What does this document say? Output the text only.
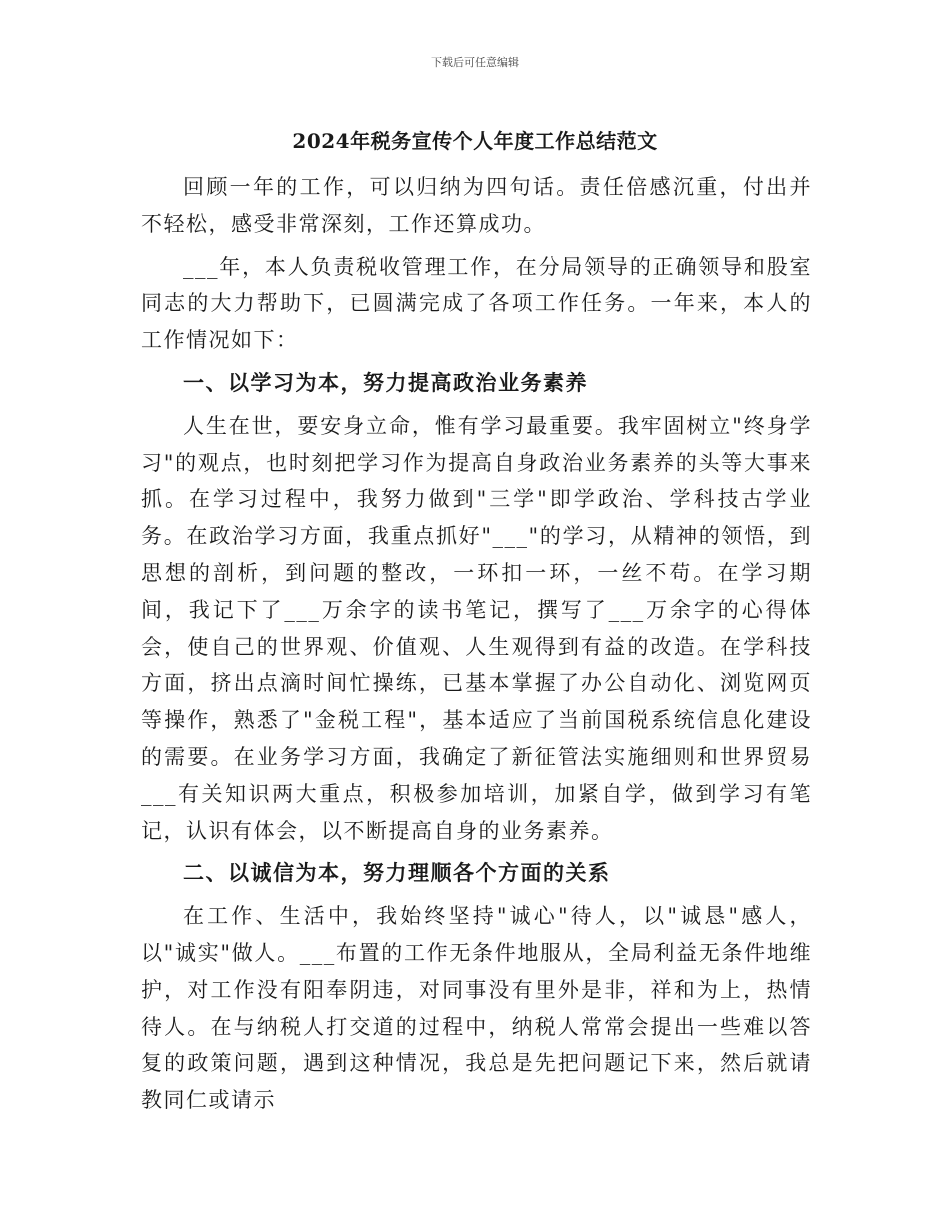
下载后可任意编辑
2024年税务宣传个人年度工作总结范文

回顾一年的工作，可以归纳为四句话。责任倍感沉重，付出并不轻松，感受非常深刻，工作还算成功。

___年，本人负责税收管理工作，在分局领导的正确领导和股室同志的大力帮助下，已圆满完成了各项工作任务。一年来，本人的工作情况如下：

一、以学习为本，努力提高政治业务素养

人生在世，要安身立命，惟有学习最重要。我牢固树立"终身学习"的观点，也时刻把学习作为提高自身政治业务素养的头等大事来抓。在学习过程中，我努力做到"三学"即学政治、学科技古学业务。在政治学习方面，我重点抓好"___"的学习，从精神的领悟，到思想的剖析，到问题的整改，一环扣一环，一丝不苟。在学习期间，我记下了___万余字的读书笔记，撰写了___万余字的心得体会，使自己的世界观、价值观、人生观得到有益的改造。在学科技方面，挤出点滴时间忙操练，已基本掌握了办公自动化、浏览网页等操作，熟悉了"金税工程"，基本适应了当前国税系统信息化建设的需要。在业务学习方面，我确定了新征管法实施细则和世界贸易___有关知识两大重点，积极参加培训，加紧自学，做到学习有笔记，认识有体会，以不断提高自身的业务素养。

二、以诚信为本，努力理顺各个方面的关系

在工作、生活中，我始终坚持"诚心"待人，以"诚恳"感人，以"诚实"做人。___布置的工作无条件地服从，全局利益无条件地维护，对工作没有阳奉阴违，对同事没有里外是非，祥和为上，热情待人。在与纳税人打交道的过程中，纳税人常常会提出一些难以答复的政策问题，遇到这种情况，我总是先把问题记下来，然后就请教同仁或请示
